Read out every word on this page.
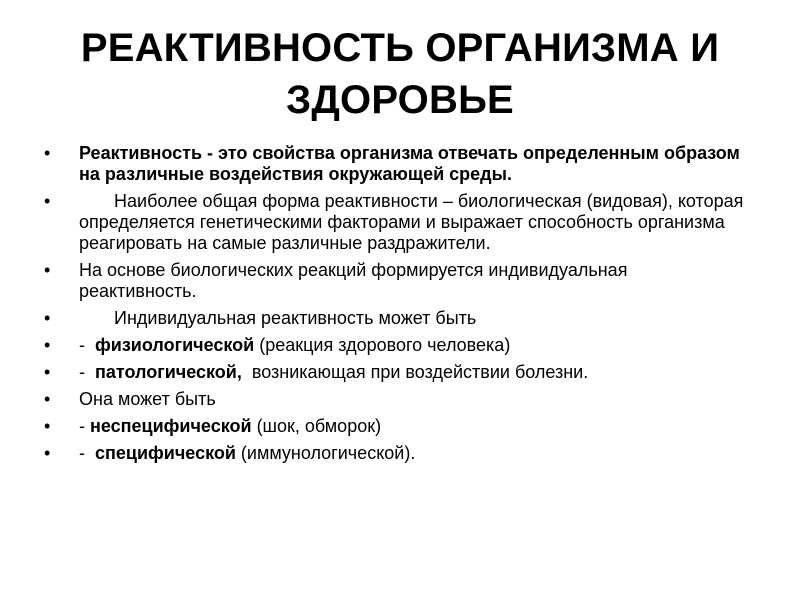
РЕАКТИВНОСТЬ ОРГАНИЗМА И
ЗДОРОВЬЕ
• Реактивность - это свойства организма отвечать определенным образом на различные воздействия окружающей среды.
• Наиболее общая форма реактивности – биологическая (видовая), которая определяется генетическими факторами и выражает способность организма реагировать на самые различные раздражители.
• На основе биологических реакций формируется индивидуальная реактивность.
• Индивидуальная реактивность может быть
• -  физиологической (реакция здорового человека)
• -  патологической,  возникающая при воздействии болезни.
• Она может быть
• - неспецифической (шок, обморок)
• -  специфической (иммунологической).
